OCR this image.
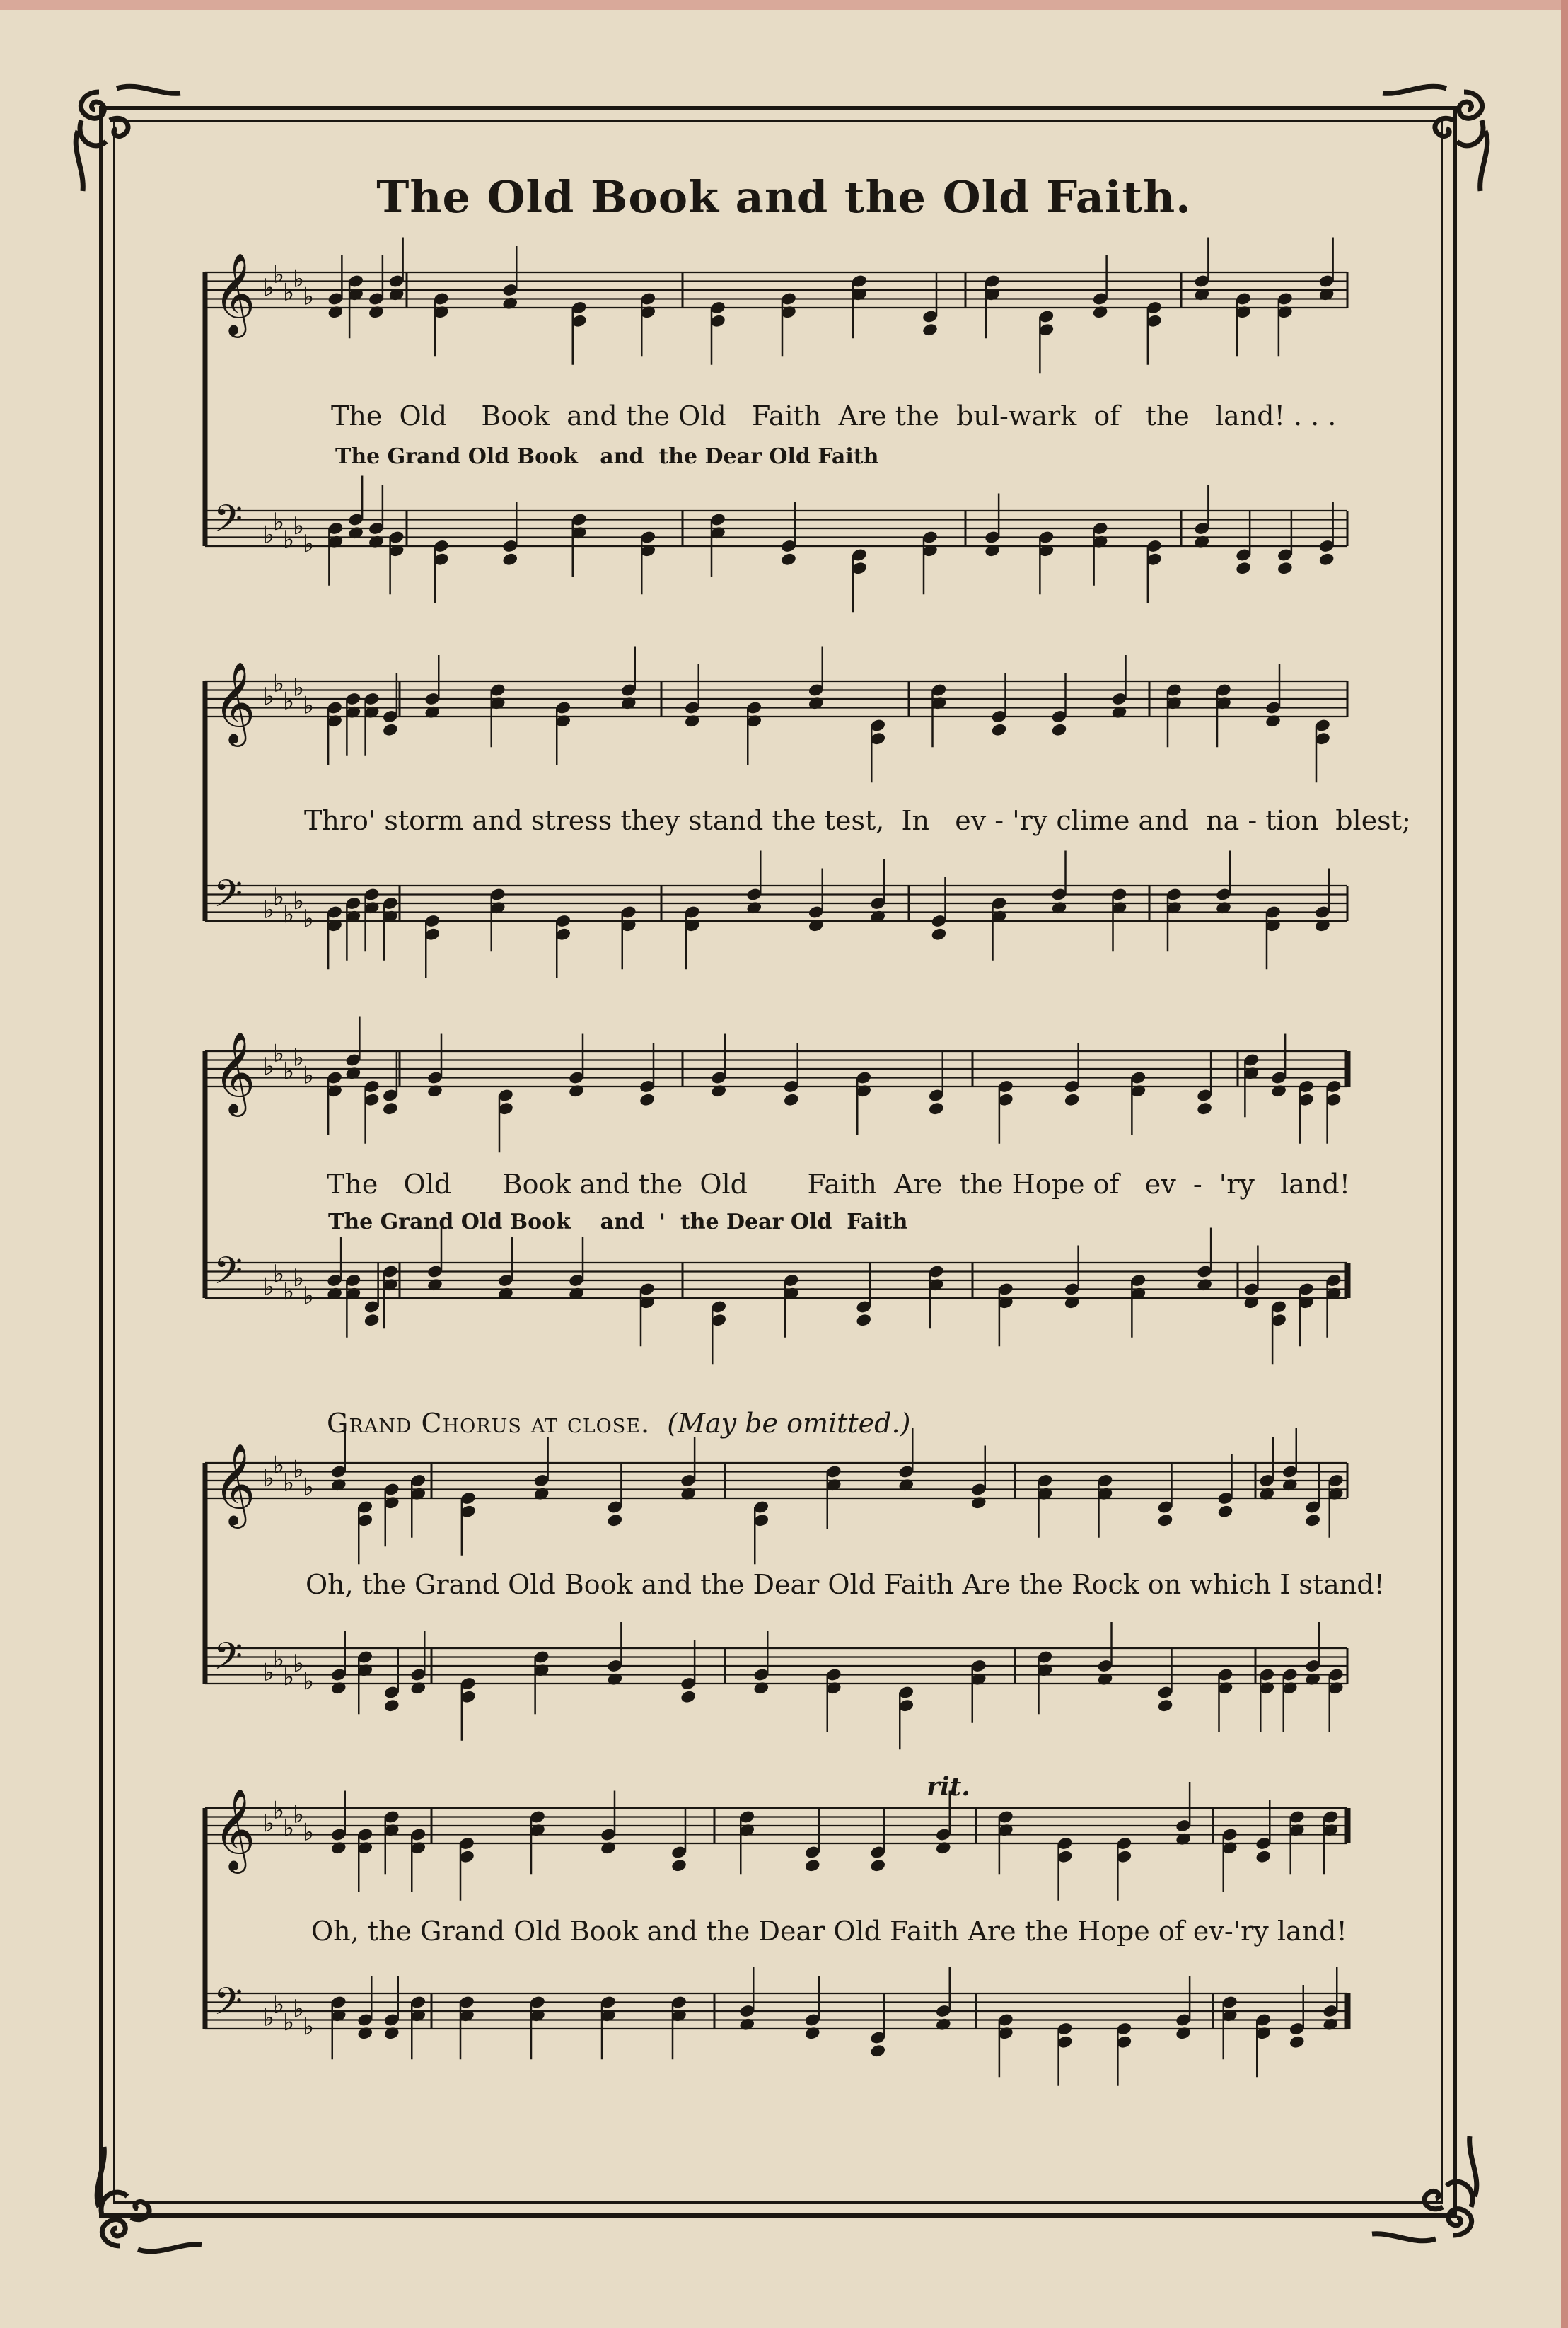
The Old Book and the Old Faith.
𝄞 ♭
♭
♭
♭
♭
𝄢 ♭
♭
♭
♭
♭
𝄞 ♭
♭
♭
♭
♭
𝄢 ♭
♭
♭
♭
♭
𝄞 ♭
♭
♭
♭
♭
𝄢 ♭
♭
♭
♭
♭
𝄞 ♭
♭
♭
♭
♭
𝄢 ♭
♭
♭
♭
♭
𝄞 ♭
♭
♭
♭
♭
𝄢 ♭
♭
♭
♭
♭
The  Old    Book  and the Old   Faith  Are the  bul-wark  of   the   land! . . .
The Grand Old Book   and  the Dear Old Faith
Thro' storm and stress they stand the test,  In   ev - 'ry clime and  na - tion  blest;
The   Old      Book and the  Old       Faith  Are  the Hope of   ev  -  'ry   land!
The Grand Old Book    and  '  the Dear Old  Faith
Grand Chorus at close. (May be omitted.)
Oh, the Grand Old Book and the Dear Old Faith Are the Rock on which I stand!
rit.
Oh, the Grand Old Book and the Dear Old Faith Are the Hope of ev-'ry land!
